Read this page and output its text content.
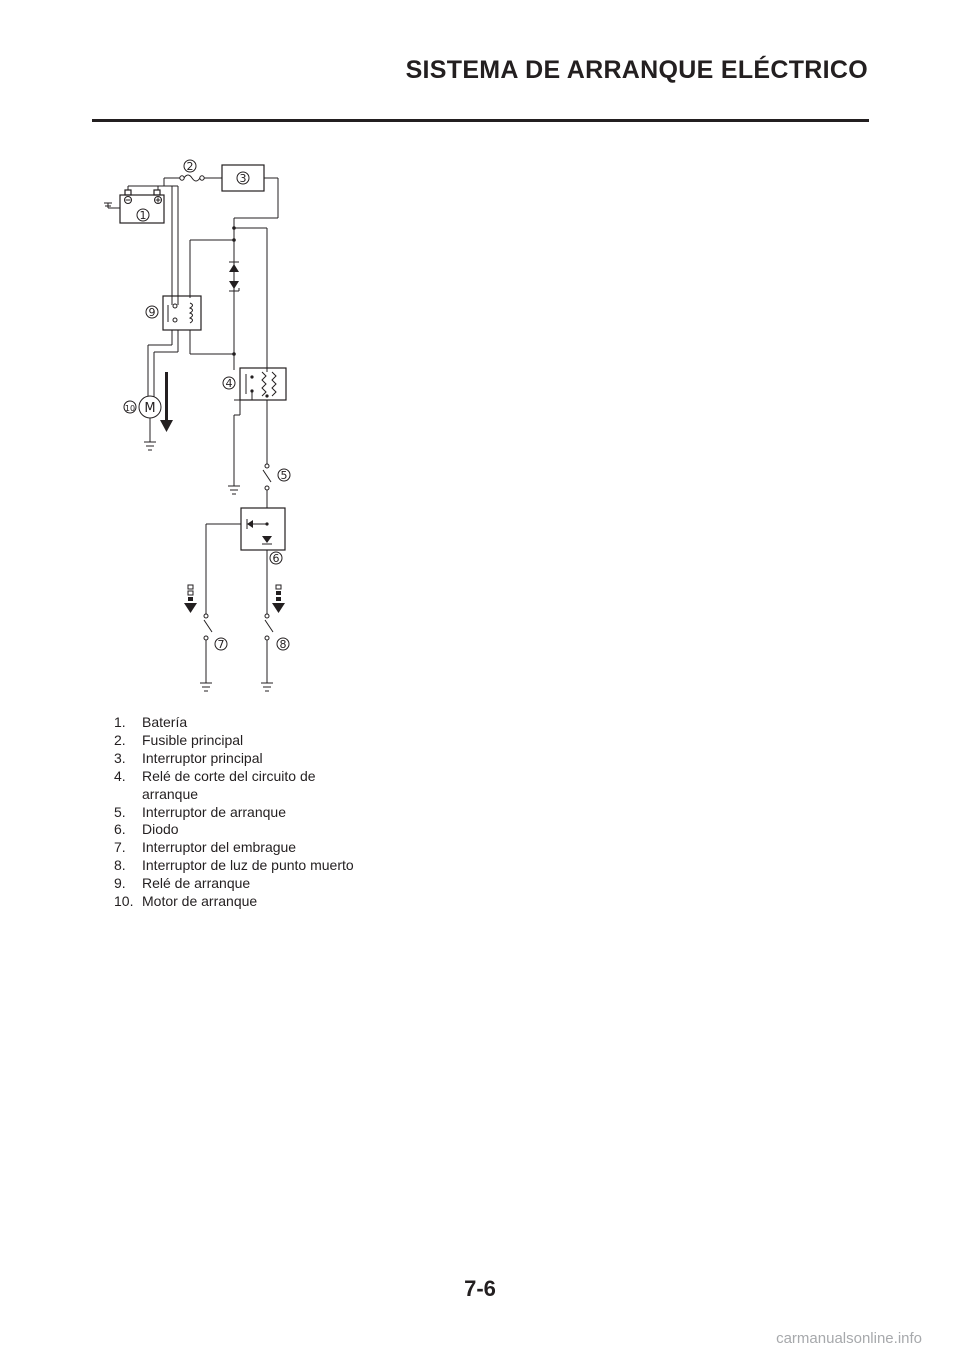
SISTEMA DE ARRANQUE ELÉCTRICO
1
2
3
9
M
10
4
5
6
7	8
1.	Batería
2.	Fusible principal
3.	Interruptor principal
4.	Relé de corte del circuito de arranque
5.	Interruptor de arranque
6.	Diodo
7.	Interruptor del embrague
8.	Interruptor de luz de punto muerto
9.	Relé de arranque
10. Motor de arranque
7-6
carmanualsonline.info
